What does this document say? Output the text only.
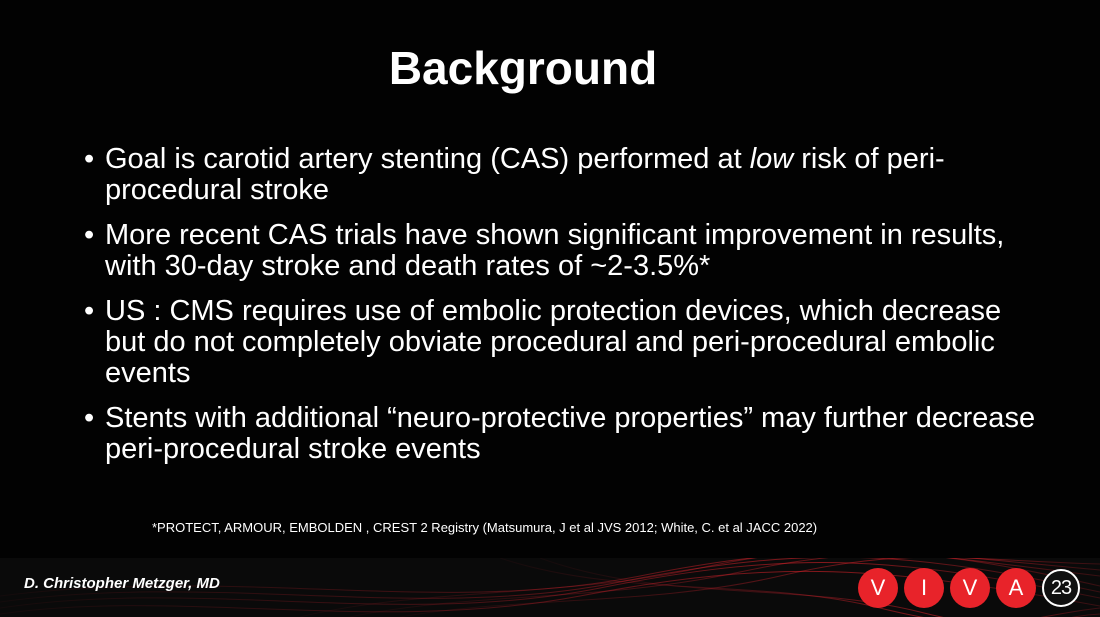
Background
• Goal is carotid artery stenting (CAS) performed at low risk of peri-procedural stroke
• More recent CAS trials have shown significant improvement in results, with 30-day stroke and death rates of ~2-3.5%*
• US : CMS requires use of embolic protection devices, which decrease but do not completely obviate procedural and peri-procedural embolic events
• Stents with additional “neuro-protective properties” may further decrease peri-procedural stroke events
*PROTECT, ARMOUR, EMBOLDEN , CREST 2 Registry (Matsumura, J et al JVS 2012; White, C. et al JACC 2022)
D. Christopher Metzger, MD	V	I	V	A	23
